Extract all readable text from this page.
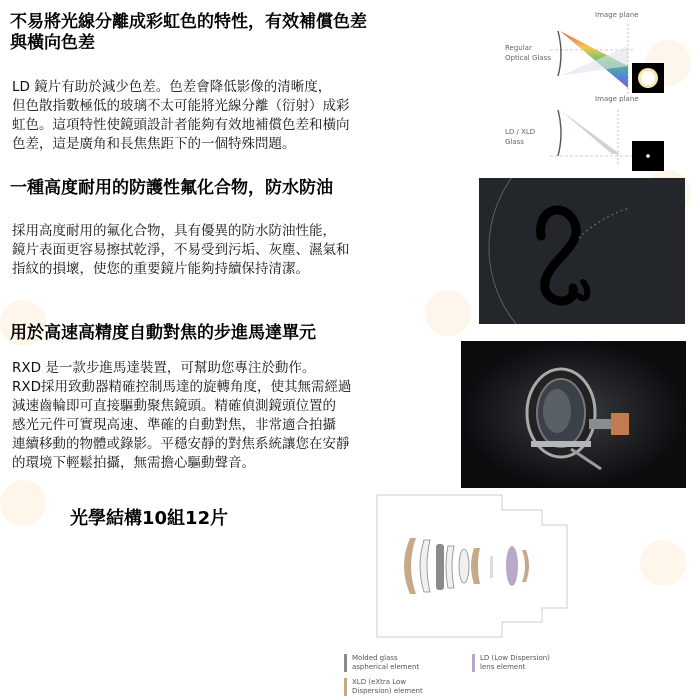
不易將光線分離成彩虹色的特性，有效補償色差
與橫向色差
LD 鏡片有助於減少色差。色差會降低影像的清晰度，
但色散指數極低的玻璃不太可能將光線分離（衍射）成彩
虹色。這項特性使鏡頭設計者能夠有效地補償色差和橫向
色差，這是廣角和長焦焦距下的一個特殊問題。
Image plane
Regular
Optical Glass
Image plane
LD / XLD
Glass
一種高度耐用的防護性氟化合物，防水防油
採用高度耐用的氟化合物，具有優異的防水防油性能，
鏡片表面更容易擦拭乾淨，不易受到污垢、灰塵、濕氣和
指紋的損壞，使您的重要鏡片能夠持續保持清潔。
用於高速高精度自動對焦的步進馬達單元
RXD 是一款步進馬達裝置，可幫助您專注於動作。
RXD採用致動器精確控制馬達的旋轉角度，使其無需經過
減速齒輪即可直接驅動聚焦鏡頭。精確偵測鏡頭位置的
感光元件可實現高速、準確的自動對焦，非常適合拍攝
連續移動的物體或錄影。平穩安靜的對焦系統讓您在安靜
的環境下輕鬆拍攝，無需擔心驅動聲音。
光學結構10組12片
Molded glass
aspherical element
LD (Low Dispersion)
lens element
XLD (eXtra Low
Dispersion) element
